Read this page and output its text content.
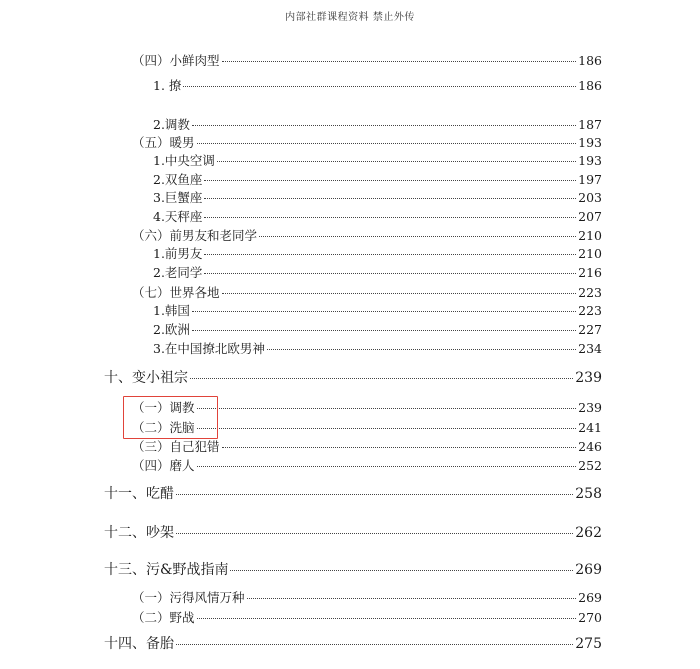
内部社群课程资料 禁止外传
（四）小鲜肉型	186
1. 撩	186
2.调教	187
（五）暖男	193
1.中央空调	193
2.双鱼座	197
3.巨蟹座	203
4.天秤座	207
（六）前男友和老同学	210
1.前男友	210
2.老同学	216
（七）世界各地	223
1.韩国	223
2.欧洲	227
3.在中国撩北欧男神	234
十、变小祖宗	239
（一）调教	239
（二）洗脑	241
（三）自己犯错	246
（四）磨人	252
十一、吃醋	258
十二、吵架	262
十三、污&野战指南	269
（一）污得风情万种	269
（二）野战	270
十四、备胎	275
